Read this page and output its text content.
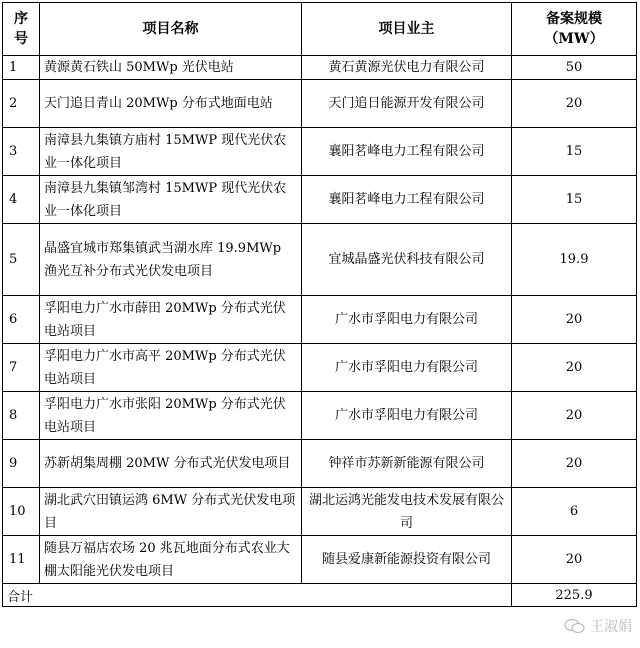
序号	项目名称	项目业主	备案规模（MW）
1	黄源黄石铁山 50MWp 光伏电站	黄石黄源光伏电力有限公司	50
2	天门追日青山 20MWp 分布式地面电站	天门追日能源开发有限公司	20
3	南漳县九集镇方庙村 15MWP 现代光伏农业一体化项目	襄阳茗峰电力工程有限公司	15
4	南漳县九集镇邹湾村 15MWP 现代光伏农业一体化项目	襄阳茗峰电力工程有限公司	15
5	晶盛宜城市郑集镇武当湖水库 19.9MWp 渔光互补分布式光伏发电项目	宜城晶盛光伏科技有限公司	19.9
6	孚阳电力广水市薛田 20MWp 分布式光伏电站项目	广水市孚阳电力有限公司	20
7	孚阳电力广水市高平 20MWp 分布式光伏电站项目	广水市孚阳电力有限公司	20
8	孚阳电力广水市张阳 20MWp 分布式光伏电站项目	广水市孚阳电力有限公司	20
9	苏新胡集周棚 20MW 分布式光伏发电项目	钟祥市苏新新能源有限公司	20
10	湖北武穴田镇运鸿 6MW 分布式光伏发电项目	湖北运鸿光能发电技术发展有限公司	6
11	随县万福店农场 20 兆瓦地面分布式农业大棚太阳能光伏发电项目	随县爱康新能源投资有限公司	20
合计			225.9
王淑娟
